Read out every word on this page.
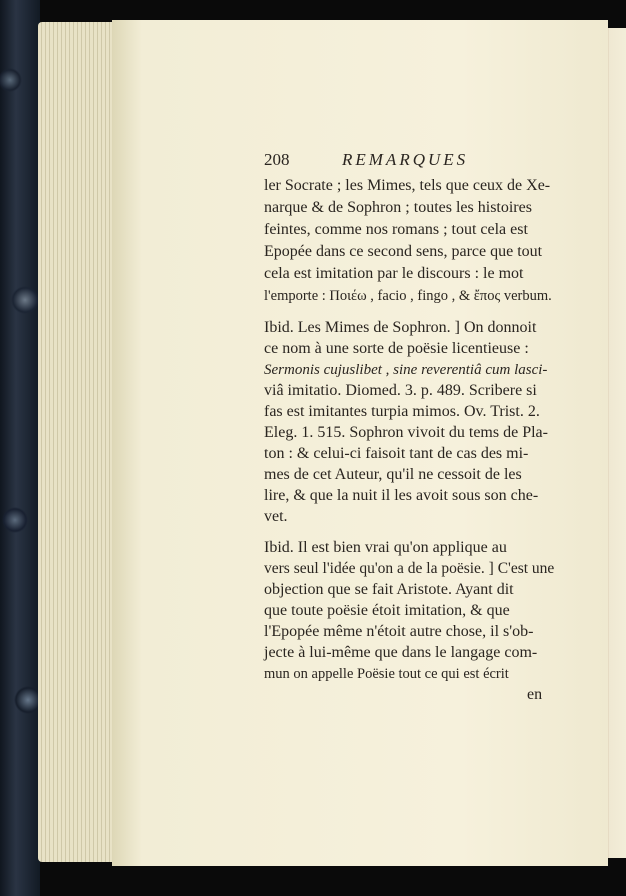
208	REMARQUES
ler Socrate ; les Mimes, tels que ceux de Xe-
narque & de Sophron ; toutes les histoires
feintes, comme nos romans ; tout cela est
Epopée dans ce second sens, parce que tout
cela est imitation par le discours : le mot
l'emporte : Ποιέω , facio , fingo , & ἔπος verbum.
Ibid. Les Mimes de Sophron. ] On donnoit
ce nom à une sorte de poësie licentieuse :
Sermonis cujuslibet , sine reverentiâ cum lasci-
viâ imitatio. Diomed. 3. p. 489. Scribere si
fas est imitantes turpia mimos. Ov. Trist. 2.
Eleg. 1. 515. Sophron vivoit du tems de Pla-
ton : & celui-ci faisoit tant de cas des mi-
mes de cet Auteur, qu'il ne cessoit de les
lire, & que la nuit il les avoit sous son che-
vet.
Ibid. Il est bien vrai qu'on applique au
vers seul l'idée qu'on a de la poësie. ] C'est une
objection que se fait Aristote. Ayant dit
que toute poësie étoit imitation, & que
l'Epopée même n'étoit autre chose, il s'ob-
jecte à lui-même que dans le langage com-
mun on appelle Poësie tout ce qui est écrit
en
